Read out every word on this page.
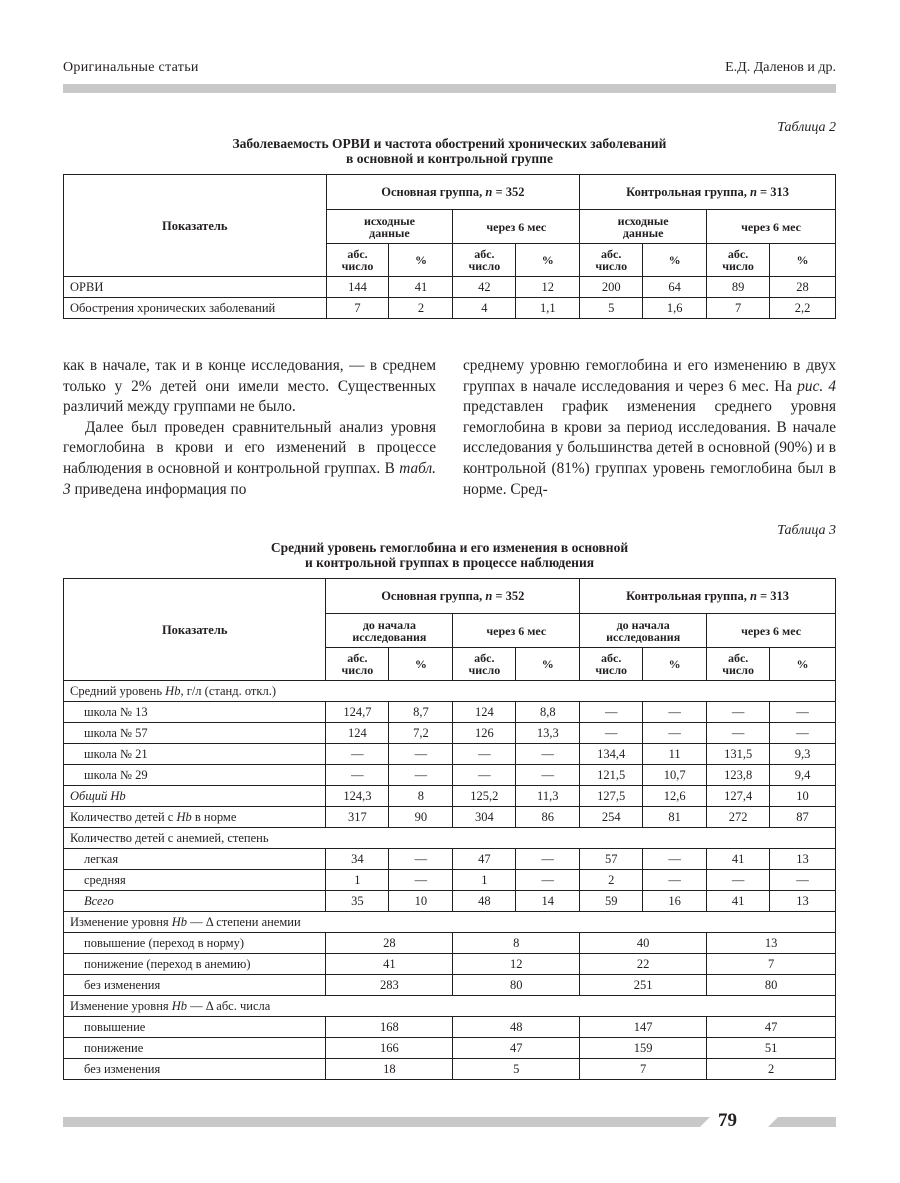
Оригинальные статьи	Е.Д. Даленов и др.
Таблица 2
Заболеваемость ОРВИ и частота обострений хронических заболеваний
в основной и контрольной группе
Показатель	Основная группа, n = 352				Контрольная группа, n = 313			
	исходные данные		через 6 мес		исходные данные		через 6 мес	
	абс. число	%	абс. число	%	абс. число	%	абс. число	%
ОРВИ	144	41	42	12	200	64	89	28
Обострения хронических заболеваний	7	2	4	1,1	5	1,6	7	2,2

как в начале, так и в конце исследования, — в среднем только у 2% детей они имели место. Существенных различий между группами не было.

Далее был проведен сравнительный анализ уровня гемоглобина в крови и его изменений в процессе наблюдения в основной и контрольной группах. В табл. 3 приведена информация по

среднему уровню гемоглобина и его изменению в двух группах в начале исследования и через 6 мес. На рис. 4 представлен график изменения среднего уровня гемоглобина в крови за период исследования. В начале исследования у большинства детей в основной (90%) и в контрольной (81%) группах уровень гемоглобина был в норме. Сред-

Таблица 3
Средний уровень гемоглобина и его изменения в основной
и контрольной группах в процессе наблюдения
Показатель	Основная группа, n = 352				Контрольная группа, n = 313			
	до начала исследования		через 6 мес		до начала исследования		через 6 мес	
	абс. число	%	абс. число	%	абс. число	%	абс. число	%
Средний уровень Hb, г/л (станд. откл.)								
школа № 13	124,7	8,7	124	8,8	—	—	—	—
школа № 57	124	7,2	126	13,3	—	—	—	—
школа № 21	—	—	—	—	134,4	11	131,5	9,3
школа № 29	—	—	—	—	121,5	10,7	123,8	9,4
Общий Hb	124,3	8	125,2	11,3	127,5	12,6	127,4	10
Количество детей с Hb в норме	317	90	304	86	254	81	272	87
Количество детей с анемией, степень								
легкая	34	—	47	—	57	—	41	13
средняя	1	—	1	—	2	—	—	—
Всего	35	10	48	14	59	16	41	13
Изменение уровня Hb — Δ степени анемии								
повышение (переход в норму)	28		8		40		13	
понижение (переход в анемию)	41		12		22		7	
без изменения	283		80		251		80	
Изменение уровня Hb — Δ абс. числа								
повышение	168		48		147		47	
понижение	166		47		159		51	
без изменения	18		5		7		2	
79
